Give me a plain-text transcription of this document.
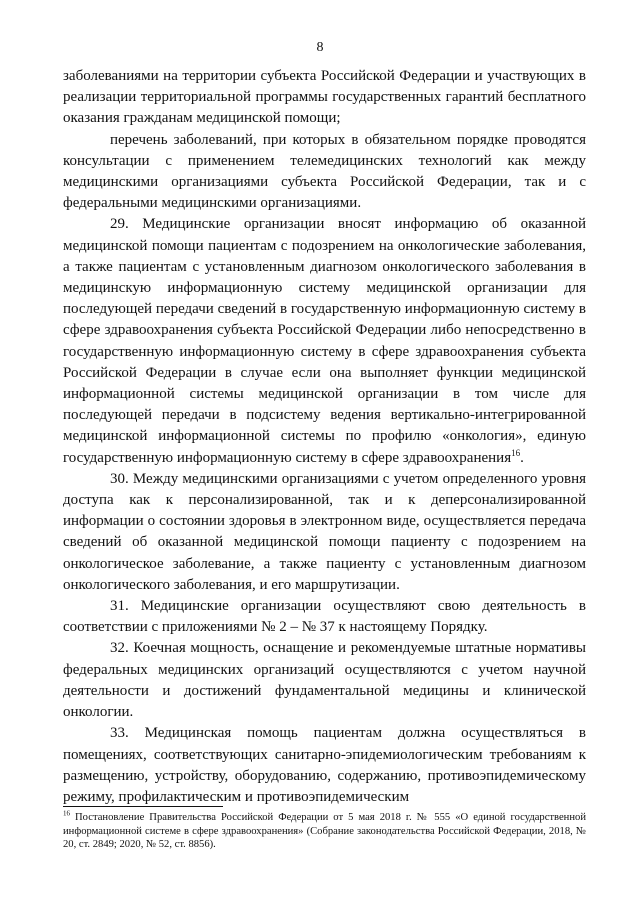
8

заболеваниями на территории субъекта Российской Федерации и участвующих в реализации территориальной программы государственных гарантий бесплатного оказания гражданам медицинской помощи;

перечень заболеваний, при которых в обязательном порядке проводятся консультации с применением телемедицинских технологий как между медицинскими организациями субъекта Российской Федерации, так и с федеральными медицинскими организациями.

29. Медицинские организации вносят информацию об оказанной медицинской помощи пациентам с подозрением на онкологические заболевания, а также пациентам с установленным диагнозом онкологического заболевания в медицинскую информационную систему медицинской организации для последующей передачи сведений в государственную информационную систему в сфере здравоохранения субъекта Российской Федерации либо непосредственно в государственную информационную систему в сфере здравоохранения субъекта Российской Федерации в случае если она выполняет функции медицинской информационной системы медицинской организации в том числе для последующей передачи в подсистему ведения вертикально-интегрированной медицинской информационной системы по профилю «онкология», единую государственную информационную систему в сфере здравоохранения$^{16}$.

30. Между медицинскими организациями с учетом определенного уровня доступа как к персонализированной, так и к деперсонализированной информации о состоянии здоровья в электронном виде, осуществляется передача сведений об оказанной медицинской помощи пациенту с подозрением на онкологическое заболевание, а также пациенту с установленным диагнозом онкологического заболевания, и его маршрутизации.

31. Медицинские организации осуществляют свою деятельность в соответствии с приложениями № 2 – № 37 к настоящему Порядку.

32. Коечная мощность, оснащение и рекомендуемые штатные нормативы федеральных медицинских организаций осуществляются с учетом научной деятельности и достижений фундаментальной медицины и клинической онкологии.

33. Медицинская помощь пациентам должна осуществляться в помещениях, соответствующих санитарно-эпидемиологическим требованиям к размещению, устройству, оборудованию, содержанию, противоэпидемическому режиму, профилактическим и противоэпидемическим

$^{16}$ Постановление Правительства Российской Федерации от 5 мая 2018 г. № 555 «О единой государственной информационной системе в сфере здравоохранения» (Собрание законодательства Российской Федерации, 2018, № 20, ст. 2849; 2020, № 52, ст. 8856).
